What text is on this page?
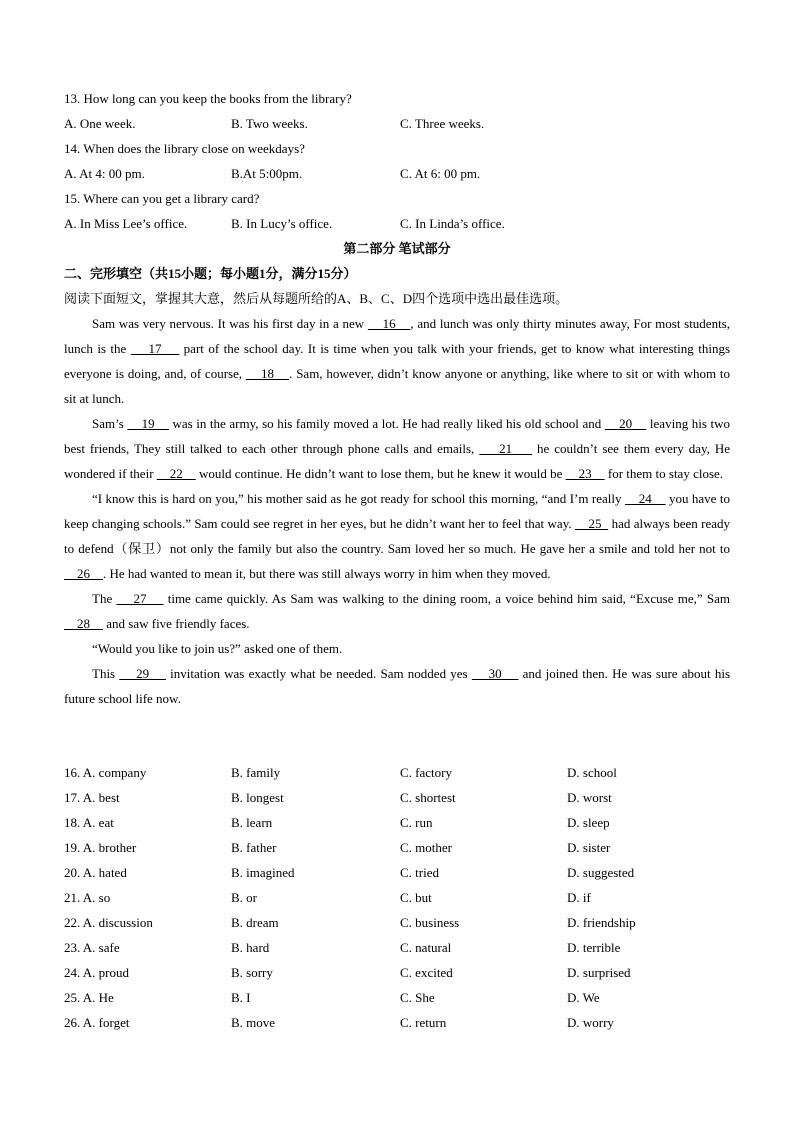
13. How long can you keep the books from the library?
A. One week.	B. Two weeks.	C. Three weeks.
14. When does the library close on weekdays?
A. At 4: 00 pm.	B.At 5:00pm.	C. At 6: 00 pm.
15. Where can you get a library card?
A. In Miss Lee’s office.	B. In Lucy’s office.	C. In Linda’s office.
第二部分 笔试部分
二、完形填空（共15小题；每小题1分，满分15分）
阅读下面短文，掌握其大意，然后从每题所给的A、B、C、D四个选项中选出最佳选项。

Sam was very nervous. It was his first day in a new     16    , and lunch was only thirty minutes away, For most students, lunch is the     17     part of the school day. It is time when you talk with your friends, get to know what interesting things everyone is doing, and, of course,     18    . Sam, however, didn’t know anyone or anything, like where to sit or with whom to sit at lunch.

Sam’s     19     was in the army, so his family moved a lot. He had really liked his old school and     20     leaving his two best friends, They still talked to each other through phone calls and emails,     21     he couldn’t see them every day, He wondered if their     22     would continue. He didn’t want to lose them, but he knew it would be     23     for them to stay close.

“I know this is hard on you,” his mother said as he got ready for school this morning, “and I’m really     24     you have to keep changing schools.” Sam could see regret in her eyes, but he didn’t want her to feel that way.     25   had always been ready to defend（保卫）not only the family but also the country. Sam loved her so much. He gave her a smile and told her not to     26    . He had wanted to mean it, but there was still always worry in him when they moved.

The     27     time came quickly. As Sam was walking to the dining room, a voice behind him said, “Excuse me,” Sam     28     and saw five friendly faces.

“Would you like to join us?” asked one of them.

This     29     invitation was exactly what be needed. Sam nodded yes     30     and joined then. He was sure about his future school life now.

16. A. company	B. family	C. factory	D. school
17. A. best	B. longest	C. shortest	D. worst
18. A. eat	B. learn	C. run	D. sleep
19. A. brother	B. father	C. mother	D. sister
20. A. hated	B. imagined	C. tried	D. suggested
21. A. so	B. or	C. but	D. if
22. A. discussion	B. dream	C. business	D. friendship
23. A. safe	B. hard	C. natural	D. terrible
24. A. proud	B. sorry	C. excited	D. surprised
25. A. He	B. I	C. She	D. We
26. A. forget	B. move	C. return	D. worry
